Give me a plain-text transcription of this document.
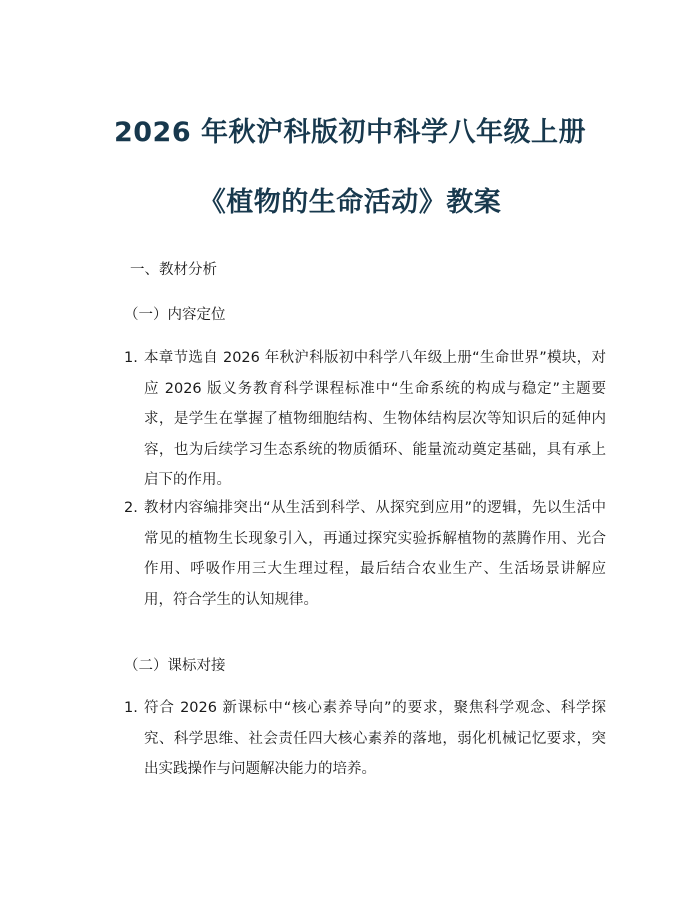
2026 年秋沪科版初中科学八年级上册
《植物的生命活动》教案
一、教材分析
（一）内容定位
1. 本章节选自 2026 年秋沪科版初中科学八年级上册“生命世界”模块，对应 2026 版义务教育科学课程标准中“生命系统的构成与稳定”主题要求，是学生在掌握了植物细胞结构、生物体结构层次等知识后的延伸内容，也为后续学习生态系统的物质循环、能量流动奠定基础，具有承上启下的作用。
2. 教材内容编排突出“从生活到科学、从探究到应用”的逻辑，先以生活中常见的植物生长现象引入，再通过探究实验拆解植物的蒸腾作用、光合作用、呼吸作用三大生理过程，最后结合农业生产、生活场景讲解应用，符合学生的认知规律。
（二）课标对接
1. 符合 2026 新课标中“核心素养导向”的要求，聚焦科学观念、科学探究、科学思维、社会责任四大核心素养的落地，弱化机械记忆要求，突出实践操作与问题解决能力的培养。
